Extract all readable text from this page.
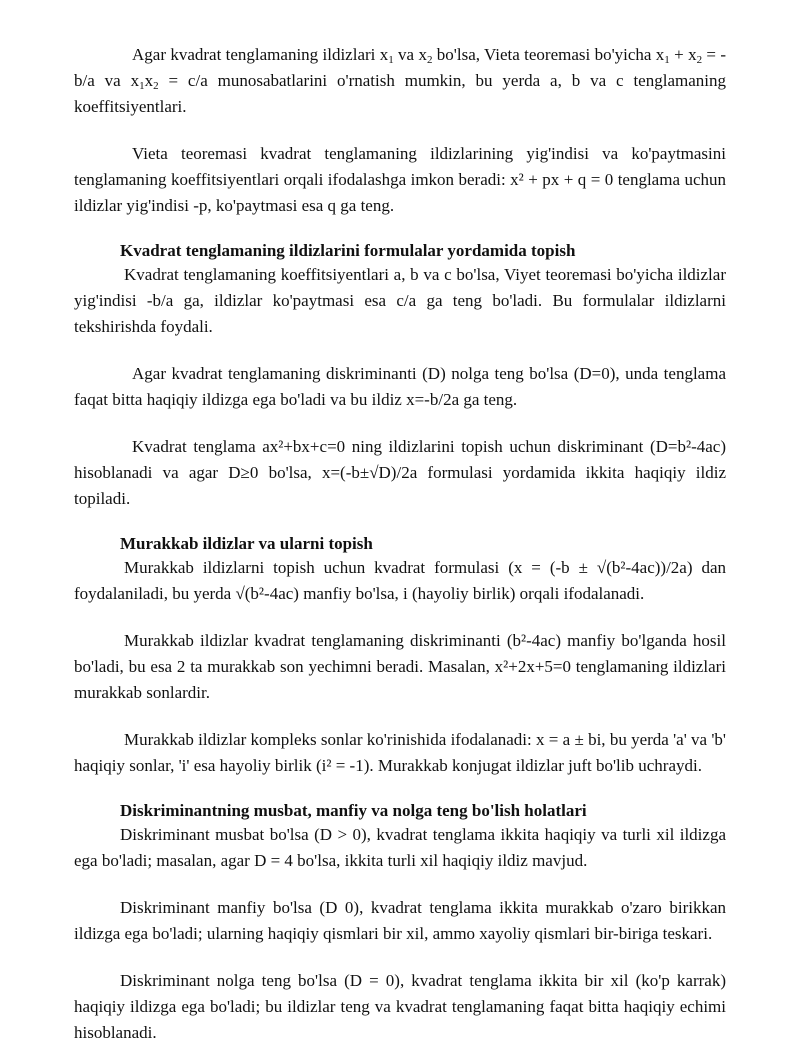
Agar kvadrat tenglamaning ildizlari $x_1$ va $x_2$ bo'lsa, Vieta teoremasi bo'yicha $x_1 + x_2 = -b/a$ va $x_1x_2 = c/a$ munosabatlarini o'rnatish mumkin, bu yerda a, b va c tenglamaning koeffitsiyentlari.

Vieta teoremasi kvadrat tenglamaning ildizlarining yig'indisi va ko'paytmasini tenglamaning koeffitsiyentlari orqali ifodalashga imkon beradi: x² + px + q = 0 tenglama uchun ildizlar yig'indisi -p, ko'paytmasi esa q ga teng.

Kvadrat tenglamaning ildizlarini formulalar yordamida topish

Kvadrat tenglamaning koeffitsiyentlari a, b va c bo'lsa, Viyet teoremasi bo'yicha ildizlar yig'indisi -b/a ga, ildizlar ko'paytmasi esa c/a ga teng bo'ladi. Bu formulalar ildizlarni tekshirishda foydali.

Agar kvadrat tenglamaning diskriminanti (D) nolga teng bo'lsa (D=0), unda tenglama faqat bitta haqiqiy ildizga ega bo'ladi va bu ildiz x=-b/2a ga teng.

Kvadrat tenglama ax²+bx+c=0 ning ildizlarini topish uchun diskriminant (D=b²-4ac) hisoblanadi va agar D≥0 bo'lsa, x=(-b±√D)/2a formulasi yordamida ikkita haqiqiy ildiz topiladi.

Murakkab ildizlar va ularni topish

Murakkab ildizlarni topish uchun kvadrat formulasi (x = (-b ± √(b²-4ac))/2a) dan foydalaniladi, bu yerda √(b²-4ac) manfiy bo'lsa, i (hayoliy birlik) orqali ifodalanadi.

Murakkab ildizlar kvadrat tenglamaning diskriminanti (b²-4ac) manfiy bo'lganda hosil bo'ladi, bu esa 2 ta murakkab son yechimni beradi. Masalan, x²+2x+5=0 tenglamaning ildizlari murakkab sonlardir.

Murakkab ildizlar kompleks sonlar ko'rinishida ifodalanadi: x = a ± bi, bu yerda 'a' va 'b' haqiqiy sonlar, 'i' esa hayoliy birlik (i² = -1). Murakkab konjugat ildizlar juft bo'lib uchraydi.

Diskriminantning musbat, manfiy va nolga teng bo'lish holatlari

Diskriminant musbat bo'lsa (D > 0), kvadrat tenglama ikkita haqiqiy va turli xil ildizga ega bo'ladi; masalan, agar D = 4 bo'lsa, ikkita turli xil haqiqiy ildiz mavjud.

Diskriminant manfiy bo'lsa (D 0), kvadrat tenglama ikkita murakkab o'zaro birikkan ildizga ega bo'ladi; ularning haqiqiy qismlari bir xil, ammo xayoliy qismlari bir-biriga teskari.

Diskriminant nolga teng bo'lsa (D = 0), kvadrat tenglama ikkita bir xil (ko'p karrak) haqiqiy ildizga ega bo'ladi; bu ildizlar teng va kvadrat tenglamaning faqat bitta haqiqiy echimi hisoblanadi.
